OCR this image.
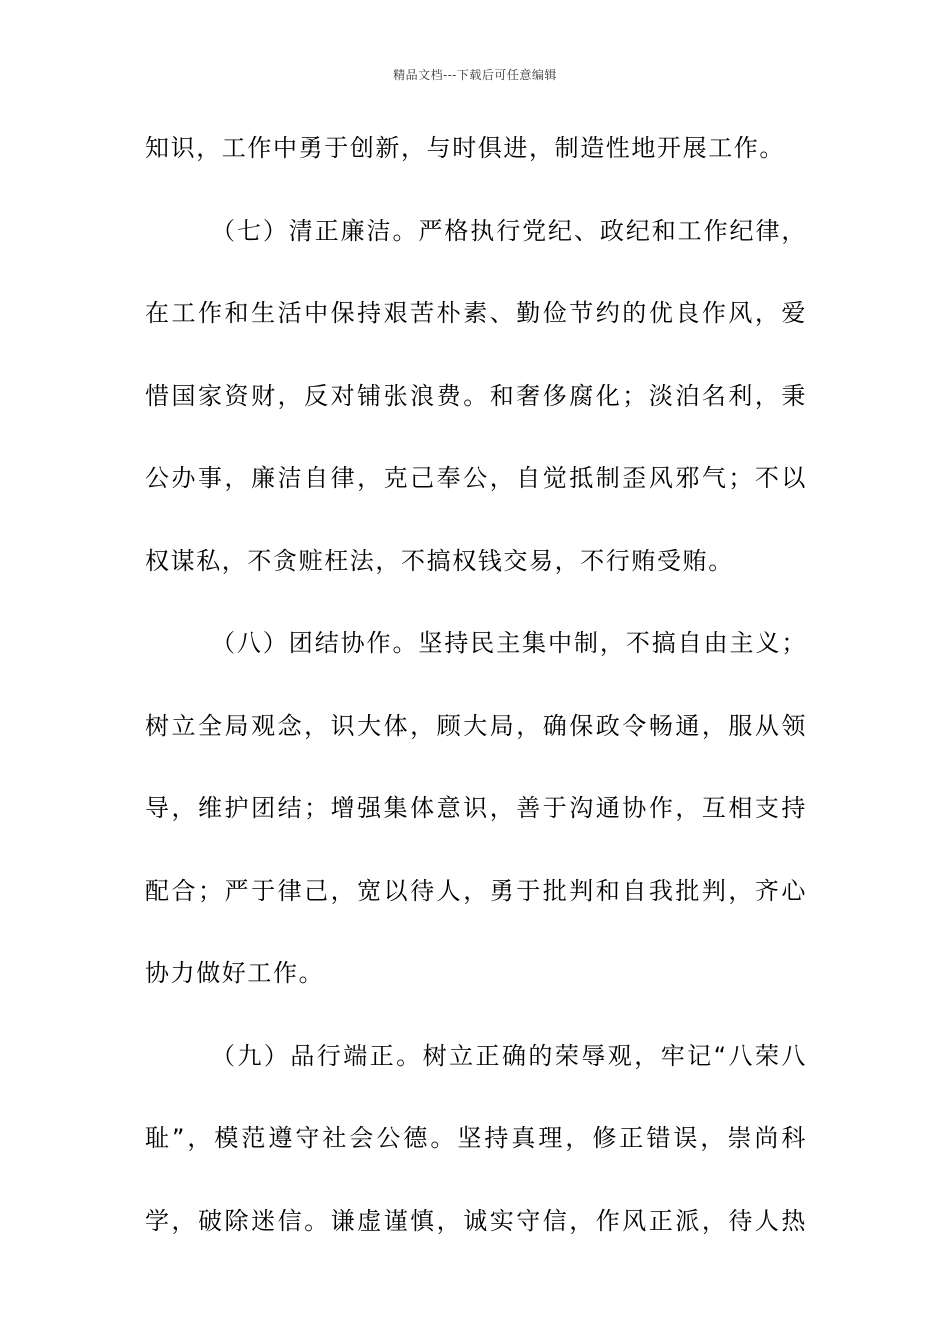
精品文档---下载后可任意编辑
知识，工作中勇于创新，与时俱进，制造性地开展工作。
（七）清正廉洁。严格执行党纪、政纪和工作纪律，
在工作和生活中保持艰苦朴素、勤俭节约的优良作风，爱
惜国家资财，反对铺张浪费。和奢侈腐化；淡泊名利，秉
公办事，廉洁自律，克己奉公，自觉抵制歪风邪气；不以
权谋私，不贪赃枉法，不搞权钱交易，不行贿受贿。
（八）团结协作。坚持民主集中制，不搞自由主义；
树立全局观念，识大体，顾大局，确保政令畅通，服从领
导，维护团结；增强集体意识，善于沟通协作，互相支持
配合；严于律己，宽以待人，勇于批判和自我批判，齐心
协力做好工作。
（九）品行端正。树立正确的荣辱观，牢记“八荣八
耻”，模范遵守社会公德。坚持真理，修正错误，崇尚科
学，破除迷信。谦虚谨慎，诚实守信，作风正派，待人热
